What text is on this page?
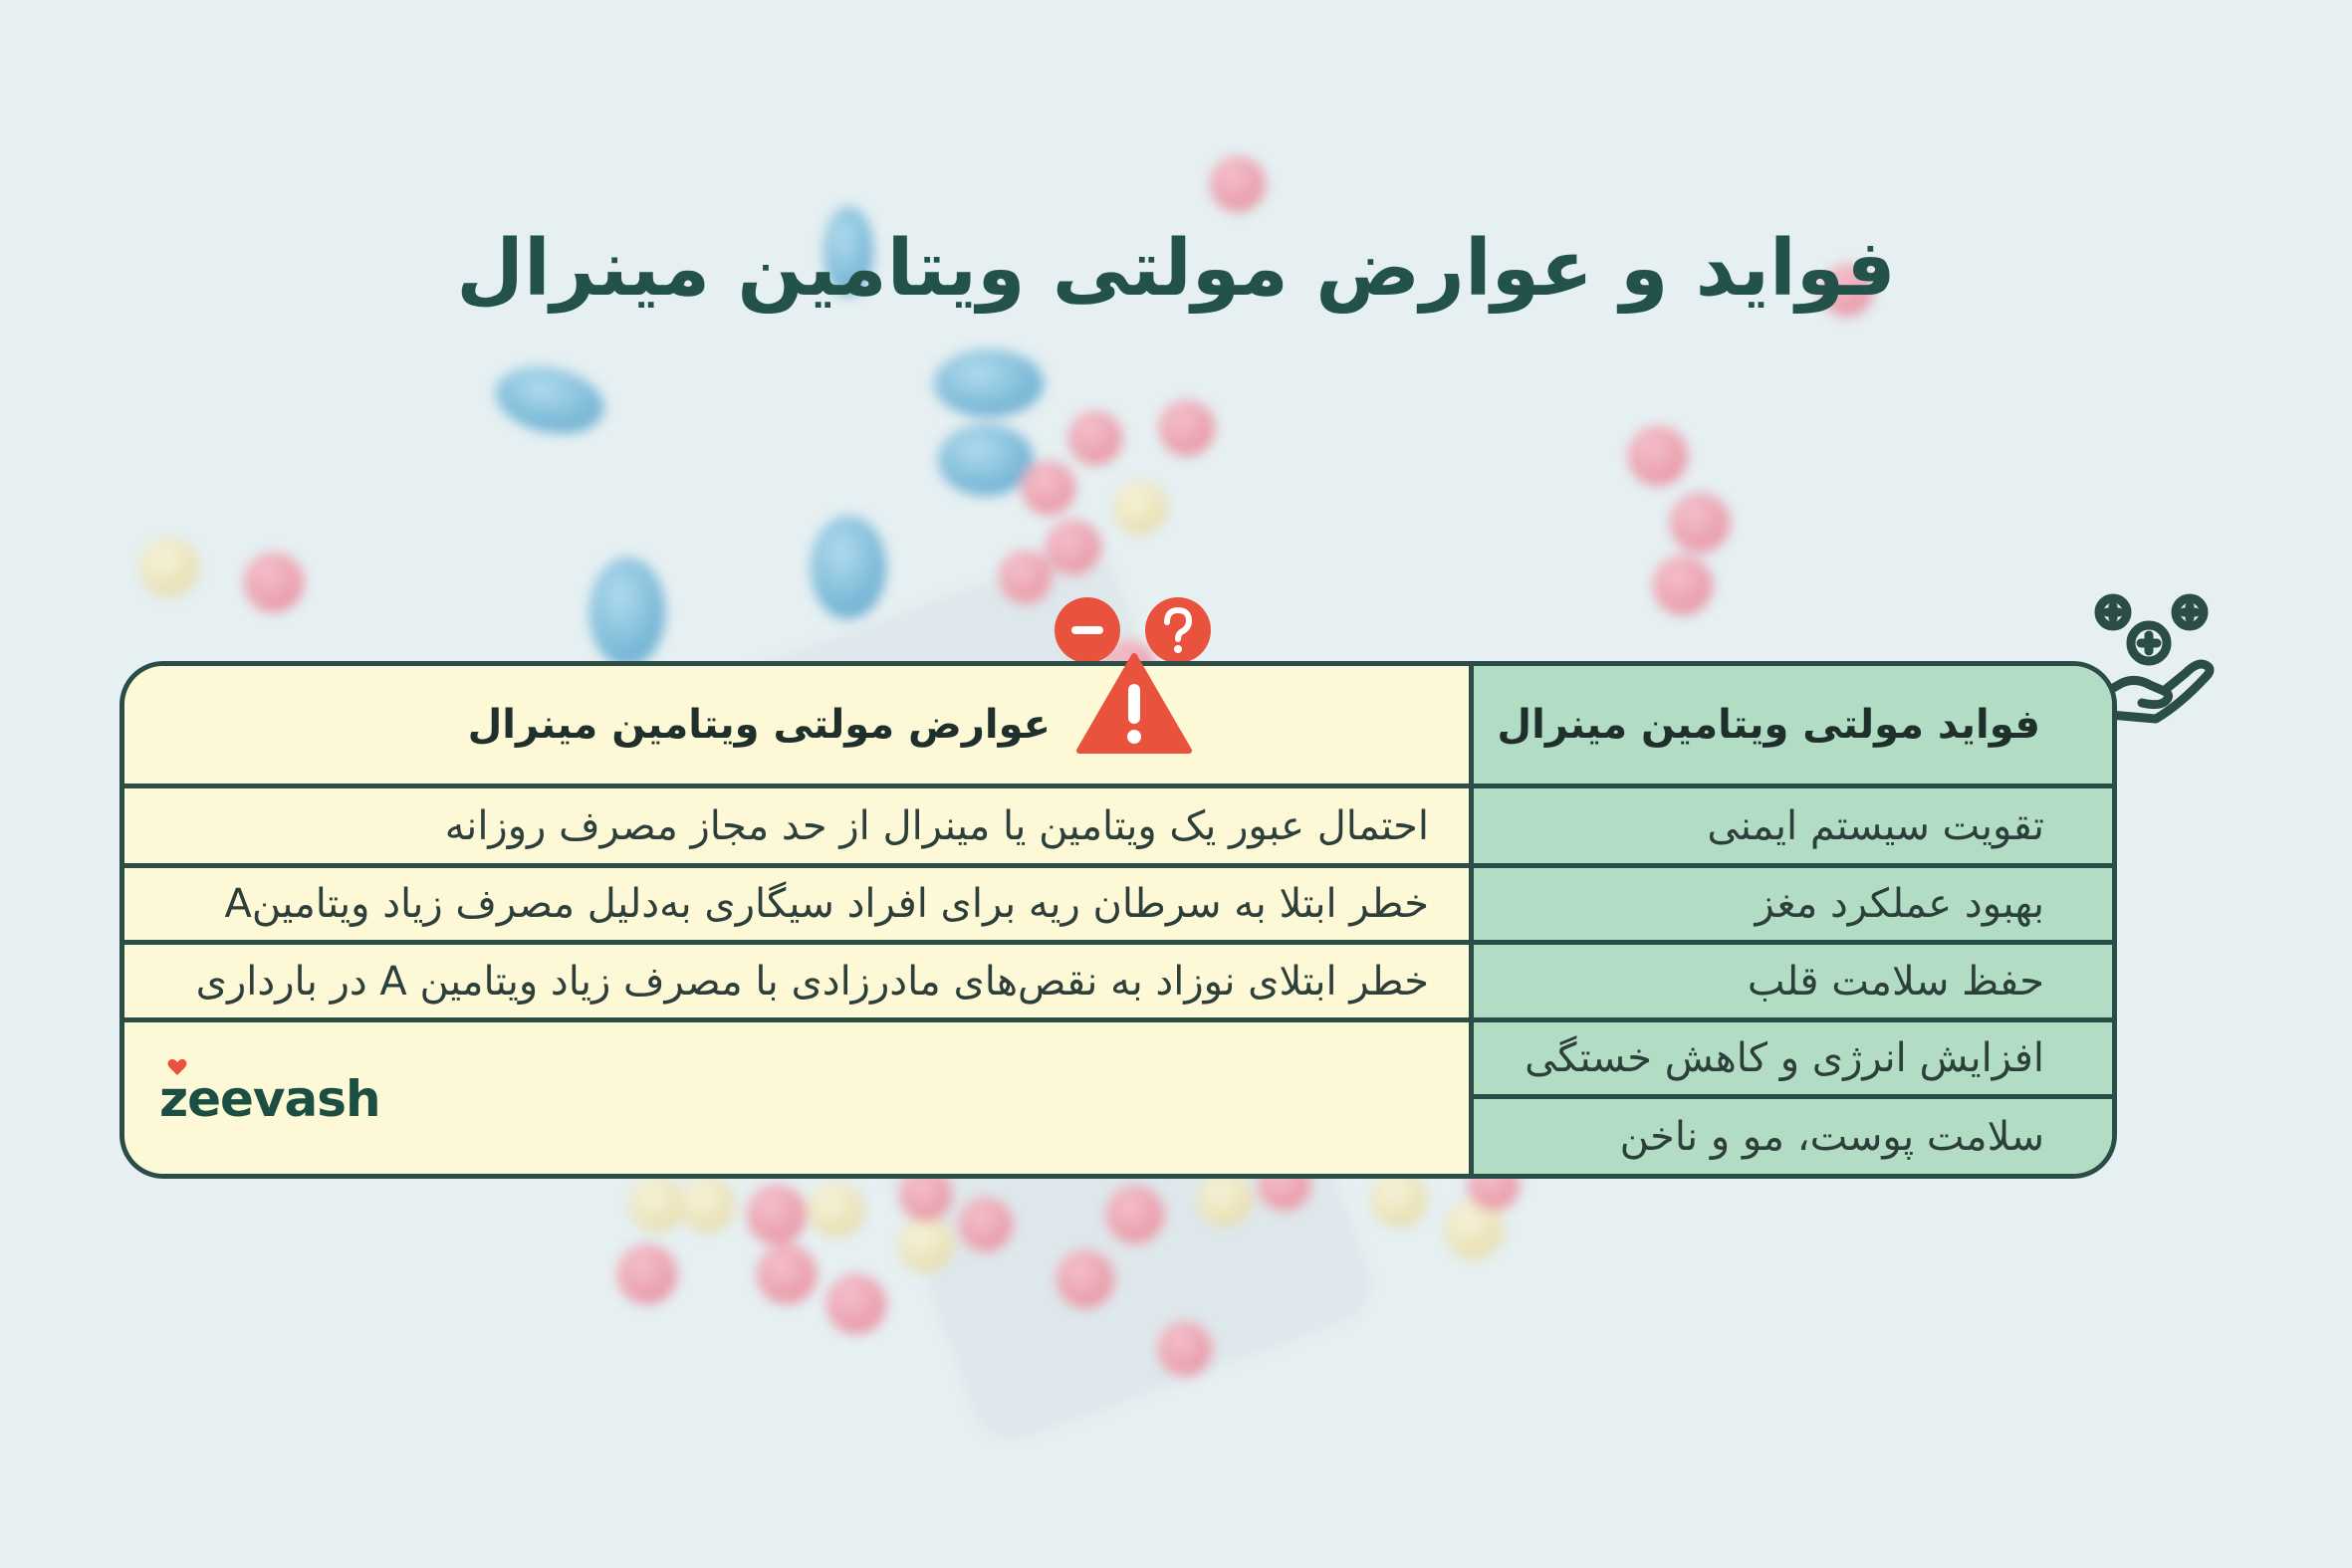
فواید و عوارض مولتی ویتامین مینرال
عوارض مولتی ویتامین مینرال
احتمال عبور یک ویتامین یا مینرال از حد مجاز مصرف روزانه
خطر ابتلا به سرطان ریه برای افراد سیگاری به‌دلیل مصرف زیاد ویتامینA
خطر ابتلای نوزاد به نقص‌های مادرزادی با مصرف زیاد ویتامین A در بارداری
فواید مولتی ویتامین مینرال
تقویت سیستم ایمنی
بهبود عملکرد مغز
حفظ سلامت قلب
افزایش انرژی و کاهش خستگی
سلامت پوست، مو و ناخن
zeevash
